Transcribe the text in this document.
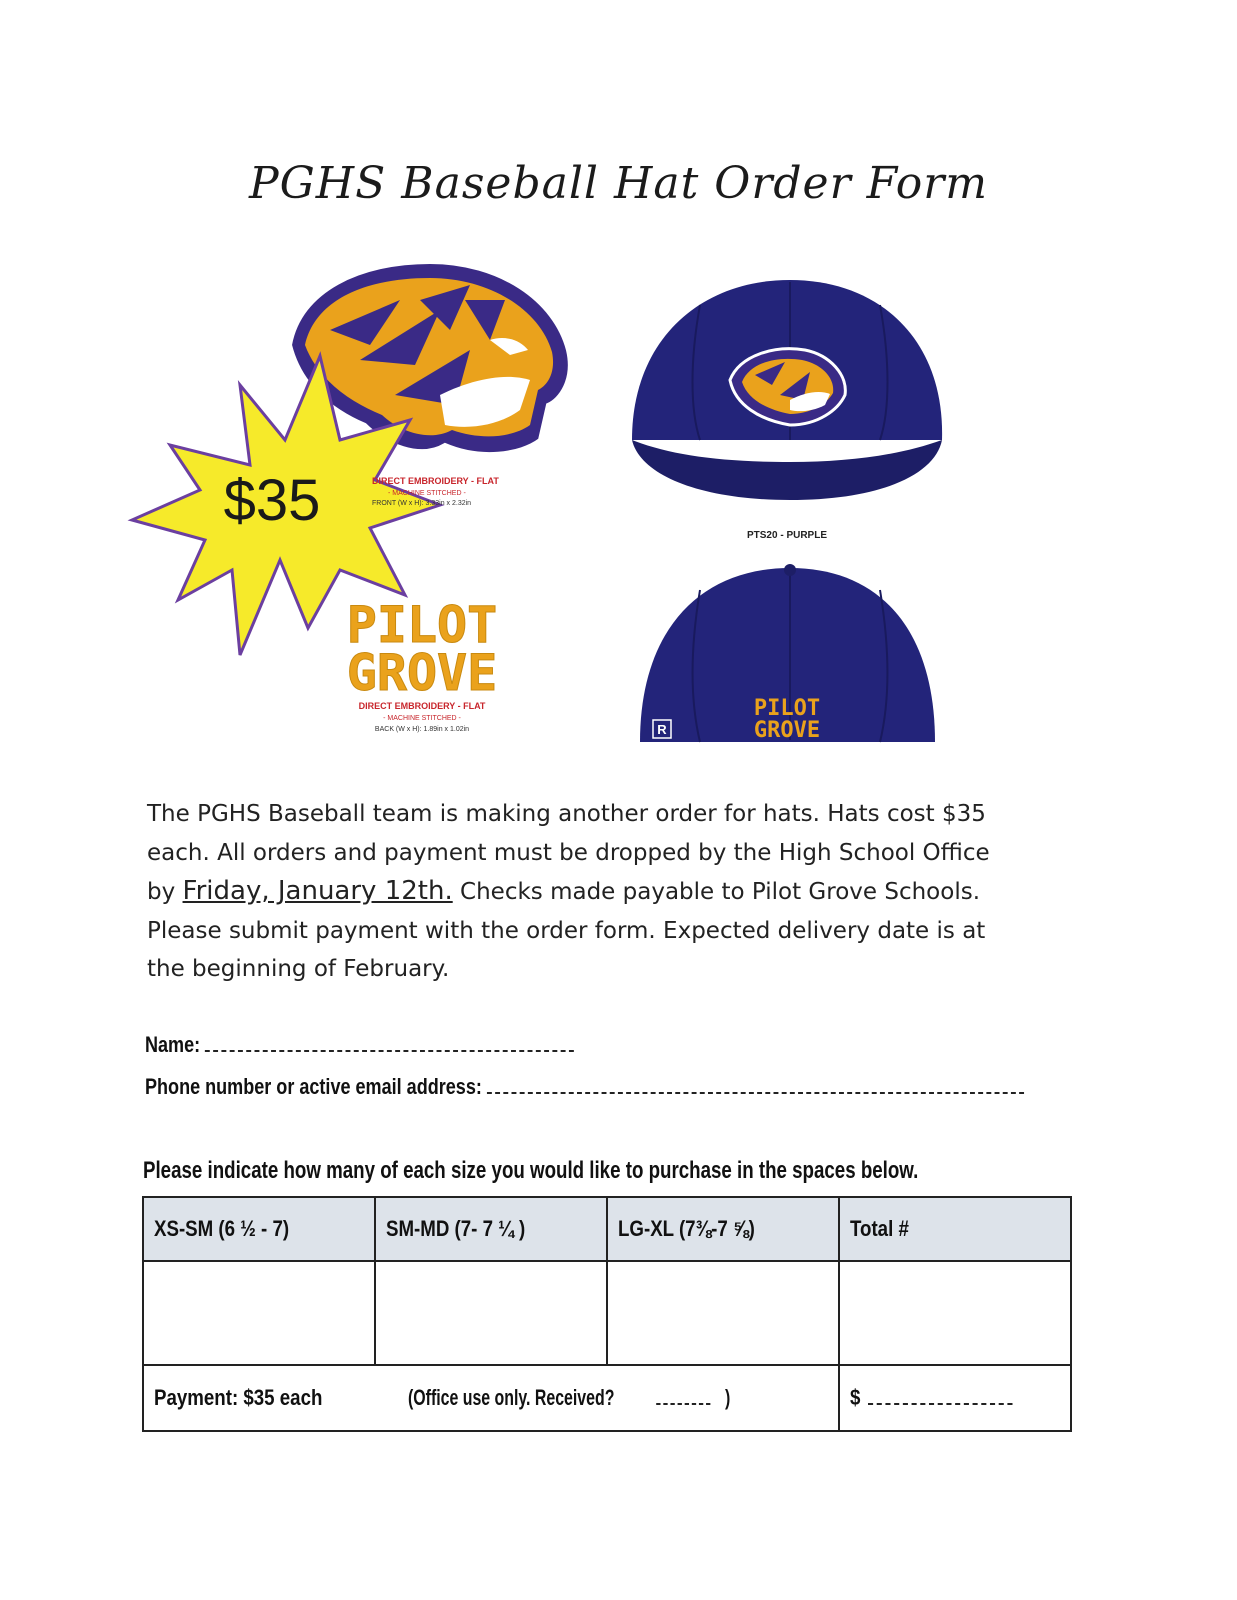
PGHS Baseball Hat Order Form
$35	DIRECT EMBROIDERY - FLAT
- MACHINE STITCHED -
FRONT (W x H): 3.33in x 2.32in
PILOT
GROVE
DIRECT EMBROIDERY - FLAT
- MACHINE STITCHED -
BACK (W x H): 1.89in x 1.02in
PTS20 - PURPLE
PILOT
GROVE
R
The PGHS Baseball team is making another order for hats. Hats cost $35
each. All orders and payment must be dropped by the High School Office
by Friday, January 12th. Checks made payable to Pilot Grove Schools.
Please submit payment with the order form. Expected delivery date is at
the beginning of February.
Name:
Phone number or active email address:
Please indicate how many of each size you would like to purchase in the spaces below.
XS-SM (6 ½ - 7)	SM-MD (7- 7 ¼ )	LG-XL (7⅜-7 ⅝)	Total #

Payment: $35 each (Office use only. Received? )			$
